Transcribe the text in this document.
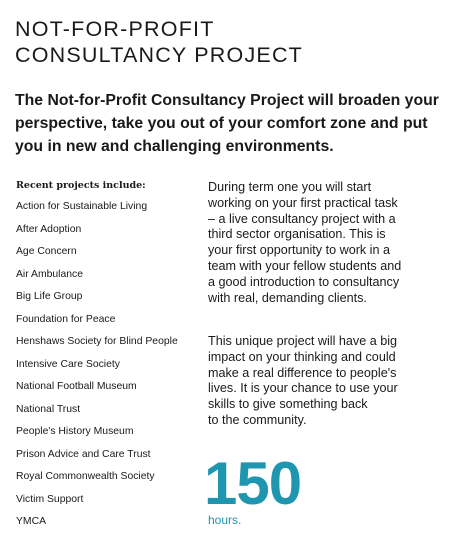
NOT-FOR-PROFIT
CONSULTANCY PROJECT

The Not-for-Profit Consultancy Project will broaden your
perspective, take you out of your comfort zone and put
you in new and challenging environments.

Recent projects include:
Action for Sustainable Living
After Adoption
Age Concern
Air Ambulance
Big Life Group
Foundation for Peace
Henshaws Society for Blind People
Intensive Care Society
National Football Museum
National Trust
People's History Museum
Prison Advice and Care Trust
Royal Commonwealth Society
Victim Support
YMCA

During term one you will start
working on your first practical task
– a live consultancy project with a
third sector organisation. This is
your first opportunity to work in a
team with your fellow students and
a good introduction to consultancy
with real, demanding clients.

This unique project will have a big
impact on your thinking and could
make a real difference to people's
lives. It is your chance to use your
skills to give something back
to the community.

150
hours.
